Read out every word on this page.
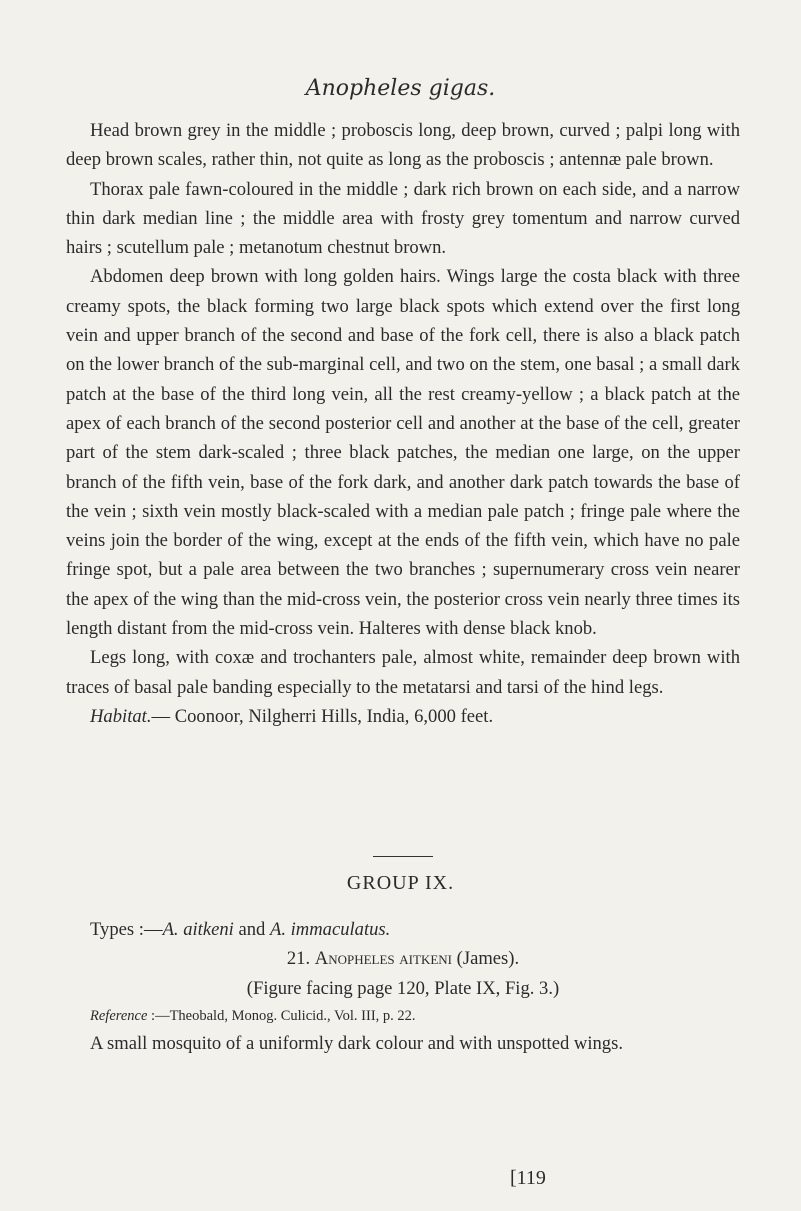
Anopheles gigas.

Head brown grey in the middle ; proboscis long, deep brown, curved ; palpi long with deep brown scales, rather thin, not quite as long as the proboscis ; antennæ pale brown.

Thorax pale fawn-coloured in the middle ; dark rich brown on each side, and a narrow thin dark median line ; the middle area with frosty grey tomentum and narrow curved hairs ; scutellum pale ; metanotum chestnut brown.

Abdomen deep brown with long golden hairs. Wings large the costa black with three creamy spots, the black forming two large black spots which extend over the first long vein and upper branch of the second and base of the fork cell, there is also a black patch on the lower branch of the sub-marginal cell, and two on the stem, one basal ; a small dark patch at the base of the third long vein, all the rest creamy-yellow ; a black patch at the apex of each branch of the second posterior cell and another at the base of the cell, greater part of the stem dark-scaled ; three black patches, the median one large, on the upper branch of the fifth vein, base of the fork dark, and another dark patch towards the base of the vein ; sixth vein mostly black-scaled with a median pale patch ; fringe pale where the veins join the border of the wing, except at the ends of the fifth vein, which have no pale fringe spot, but a pale area between the two branches ; supernumerary cross vein nearer the apex of the wing than the mid-cross vein, the posterior cross vein nearly three times its length distant from the mid-cross vein. Halteres with dense black knob.

Legs long, with coxæ and trochanters pale, almost white, remainder deep brown with traces of basal pale banding especially to the metatarsi and tarsi of the hind legs.

Habitat.— Coonoor, Nilgherri Hills, India, 6,000 feet.

GROUP IX.

Types :—A. aitkeni and A. immaculatus.

21. Anopheles aitkeni (James).

(Figure facing page 120, Plate IX, Fig. 3.)

Reference :—Theobald, Monog. Culicid., Vol. III, p. 22.

A small mosquito of a uniformly dark colour and with unspotted wings.

[119
